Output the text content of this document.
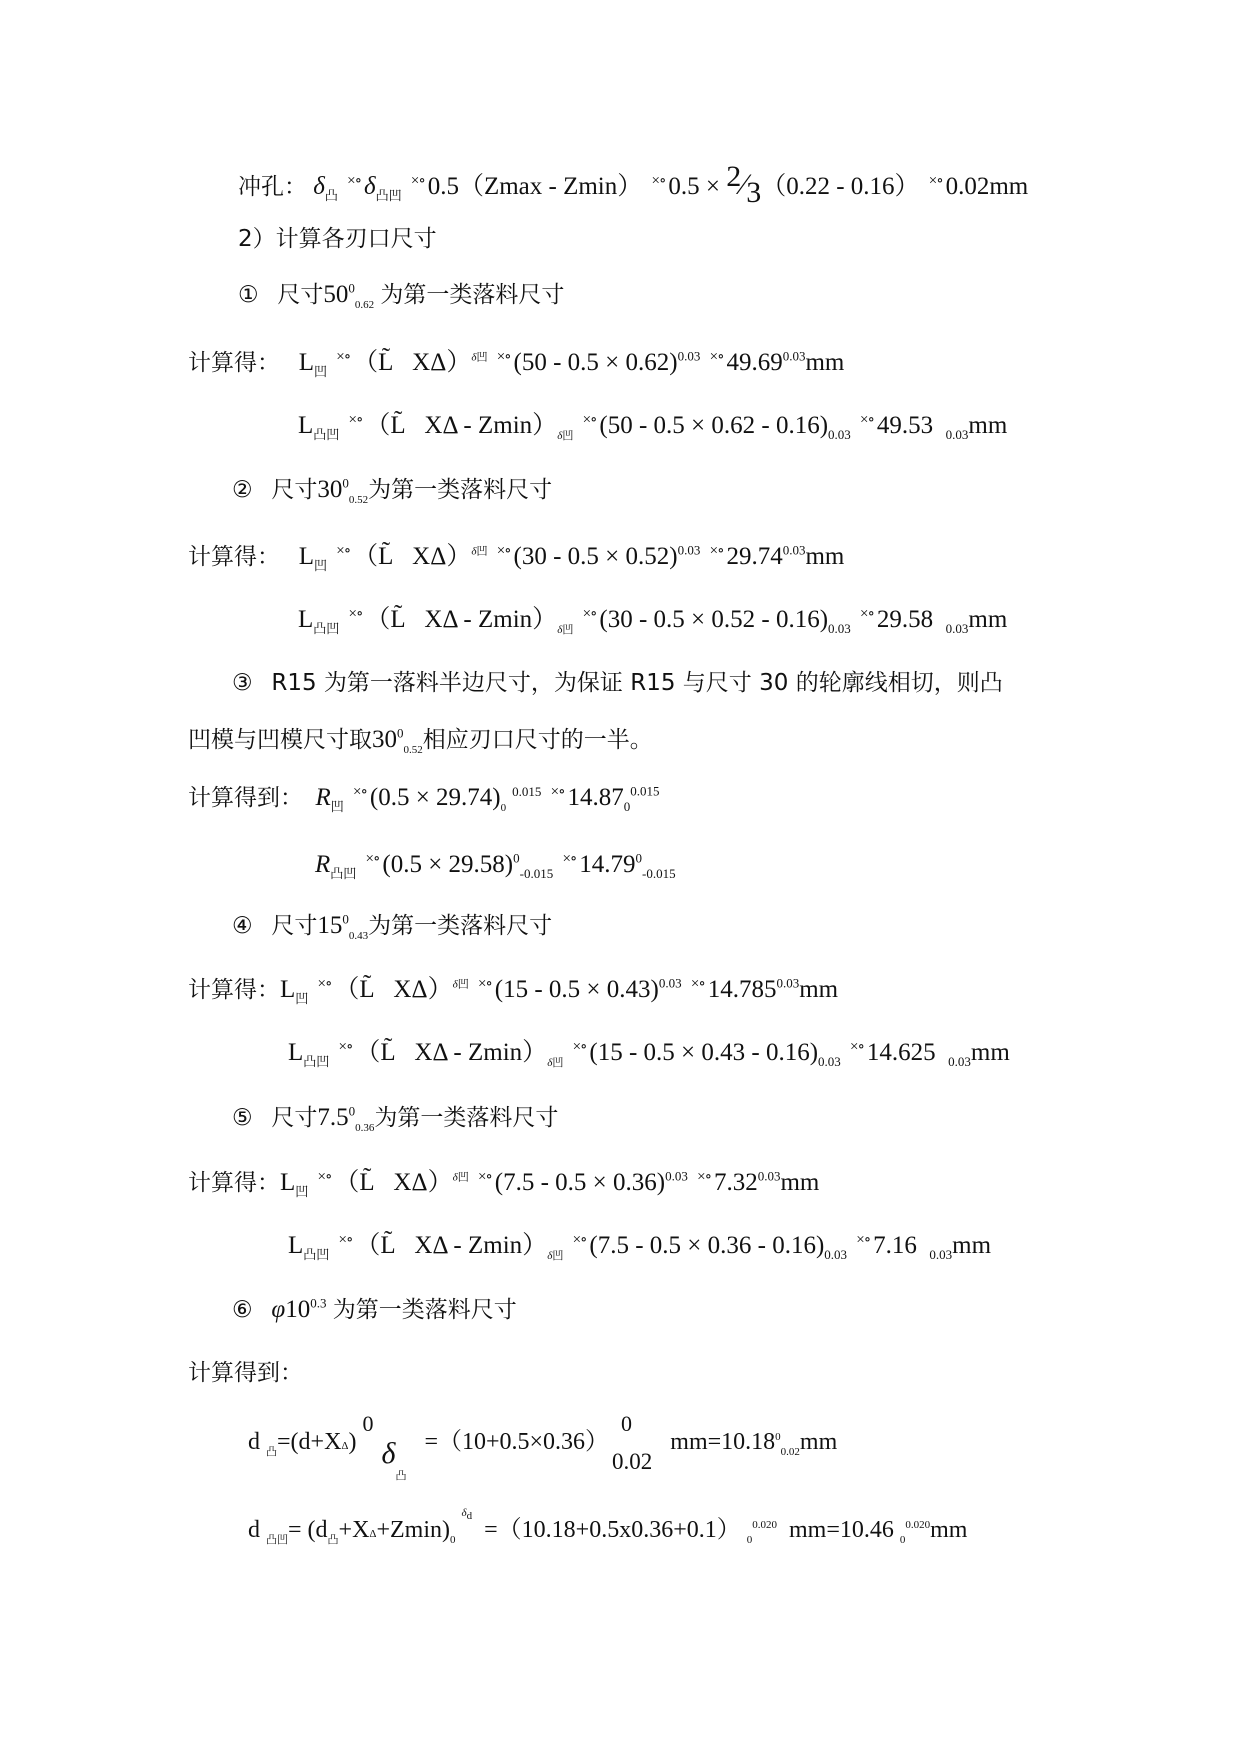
冲孔： $\delta_凸$ ×∘ $\delta_{凸凹}$ ×∘ 0.5（Zmax - Zmin） ×∘ 0.5 × 2⁄3（0.22 - 0.16） ×∘ 0.02mm
2）计算各刃口尺寸
① 尺寸$50^0_{0.62}$ 为第一类落料尺寸
计算得： $L_凹$ ×∘ （L̃ XΔ）$^{\delta 凹}$ ×∘ $(50 - 0.5 \times 0.62)^{0.03}$ ×∘ $49.69^{0.03}mm$
$L_{凸凹}$ ×∘ （L̃ XΔ - $Zmin)_{\delta 凹}$ ×∘ $(50 - 0.5 \times 0.62 - 0.16)_{0.03}$ ×∘ 49.53 $_{0.03}$mm
② 尺寸$30^0_{0.52}$为第一类落料尺寸
计算得： $L_凹$ ×∘ （L̃ XΔ）$^{\delta 凹}$ ×∘ $(30 - 0.5 \times 0.52)^{0.03}$ ×∘ $29.74^{0.03}mm$
$L_{凸凹}$ ×∘ （L̃ XΔ - $Zmin)_{\delta 凹}$ ×∘ $(30 - 0.5 \times 0.52 - 0.16)_{0.03}$ ×∘ 29.58 $_{0.03}$mm
③ R15 为第一落料半边尺寸，为保证 R15 与尺寸 30 的轮廓线相切，则凸
凹模与凹模尺寸取$30^0_{0.52}$相应刃口尺寸的一半。
计算得到： $R_凹$ ×∘ $(0.5 \times 29.74)_0^{0.015}$ ×∘ $14.87_0^{0.015}$
$R_{凸凹}$ ×∘ $(0.5 \times 29.58)^0_{-0.015}$ ×∘ $14.79^0_{-0.015}$
④ 尺寸$15^0_{0.43}$为第一类落料尺寸
计算得：$L_凹$ ×∘ （L̃ XΔ）$^{\delta 凹}$ ×∘ $(15 - 0.5 \times 0.43)^{0.03}$ ×∘ $14.785^{0.03}mm$
$L_{凸凹}$ ×∘ （L̃ XΔ - $Zmin)_{\delta 凹}$ ×∘ $(15 - 0.5 \times 0.43 - 0.16)_{0.03}$ ×∘ 14.625 $_{0.03}$mm
⑤ 尺寸$7.5^0_{0.36}$为第一类落料尺寸
计算得：$L_凹$ ×∘ （L̃ XΔ）$^{\delta 凹}$ ×∘ $(7.5 - 0.5 \times 0.36)^{0.03}$ ×∘ $7.32^{0.03}mm$
$L_{凸凹}$ ×∘ （L̃ XΔ - $Zmin)_{\delta 凹}$ ×∘ $(7.5 - 0.5 \times 0.36 - 0.16)_{0.03}$ ×∘ 7.16 $_{0.03}$mm
⑥ $\varphi 10^{0.3}$ 为第一类落料尺寸
计算得到：
d $_凸$=(d+XΔ) $0\delta_凸 =(10+0.5\times 0.36)$  00.02   $mm=10.18^0_{0.02}mm$
d $_{凸凹}= (d_凸+X\Delta+Zmin)_0$ $^{\delta_d}$  =（10.18+0.5x0.36+0.1） $_0^{0.020}$ mm=10.46 $_0^{0.020}$mm
